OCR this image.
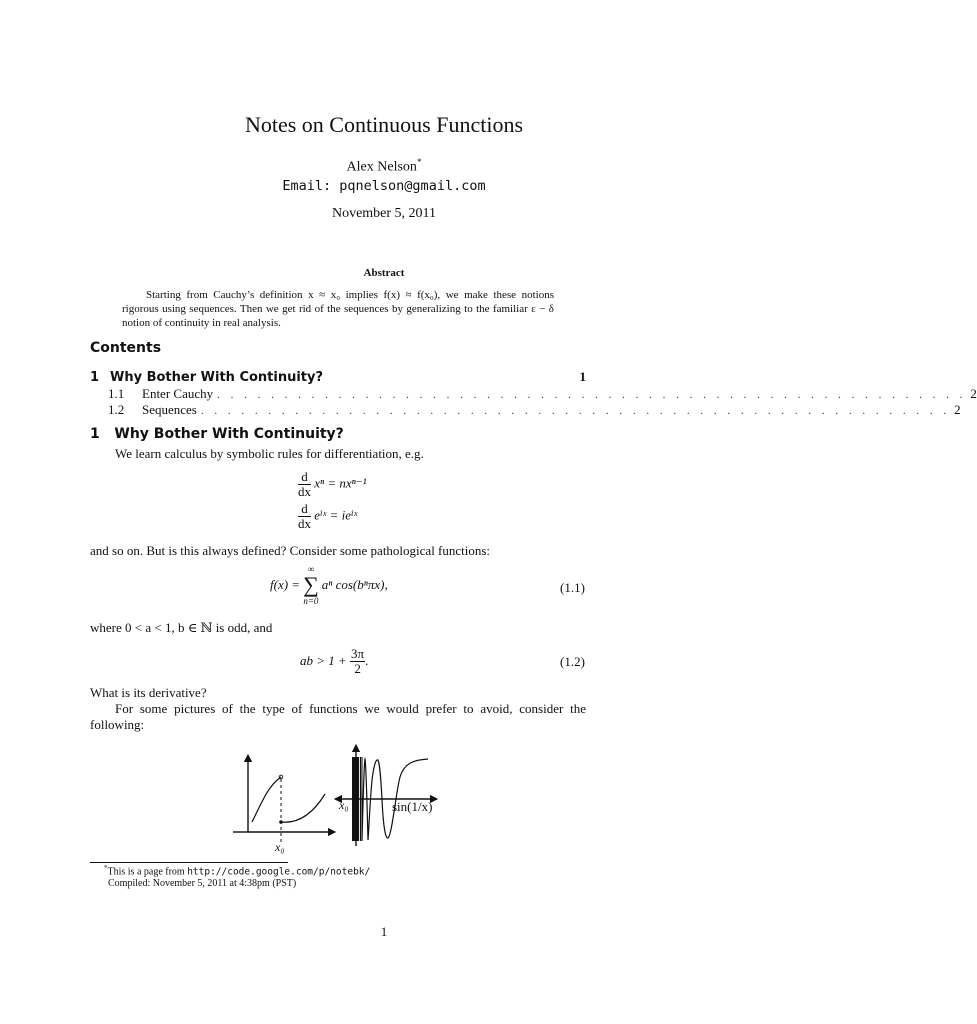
Notes on Continuous Functions
Alex Nelson*
Email: pqnelson@gmail.com
November 5, 2011
Abstract
Starting from Cauchy’s definition x ≈ x₀ implies f(x) ≈ f(x₀), we make these notions rigorous using sequences. Then we get rid of the sequences by generalizing to the familiar ε − δ notion of continuity in real analysis.
Contents
1 Why Bother With Continuity?	1
1.1	Enter Cauchy . . . . . . . . . . . . . . . . . . . . . . . . . . . . . . . . . . . . . . . . . . . . . . . . . . . . . . . . 2
1.2	Sequences . . . . . . . . . . . . . . . . . . . . . . . . . . . . . . . . . . . . . . . . . . . . . . . . . . . . . . . . 2
1 Why Bother With Continuity?
We learn calculus by symbolic rules for differentiation, e.g.
$\frac{d}{dx}$ xⁿ = nxⁿ⁻¹
$\frac{d}{dx}$ eⁱˣ = ieⁱˣ
and so on. But is this always defined? Consider some pathological functions:
f(x) =
∞
∑
n=0
aⁿ cos(bⁿπx),	(1.1)
where 0 < a < 1, b ∈ ℕ is odd, and
ab > 1 +
$\frac{3\pi}{2}$ .	(1.2)
What is its derivative?
For some pictures of the type of functions we would prefer to avoid, consider the following:
x₀
x₀	sin(1/x)
*This is a page from http://code.google.com/p/notebk/
Compiled: November 5, 2011 at 4:38pm (PST)
1
